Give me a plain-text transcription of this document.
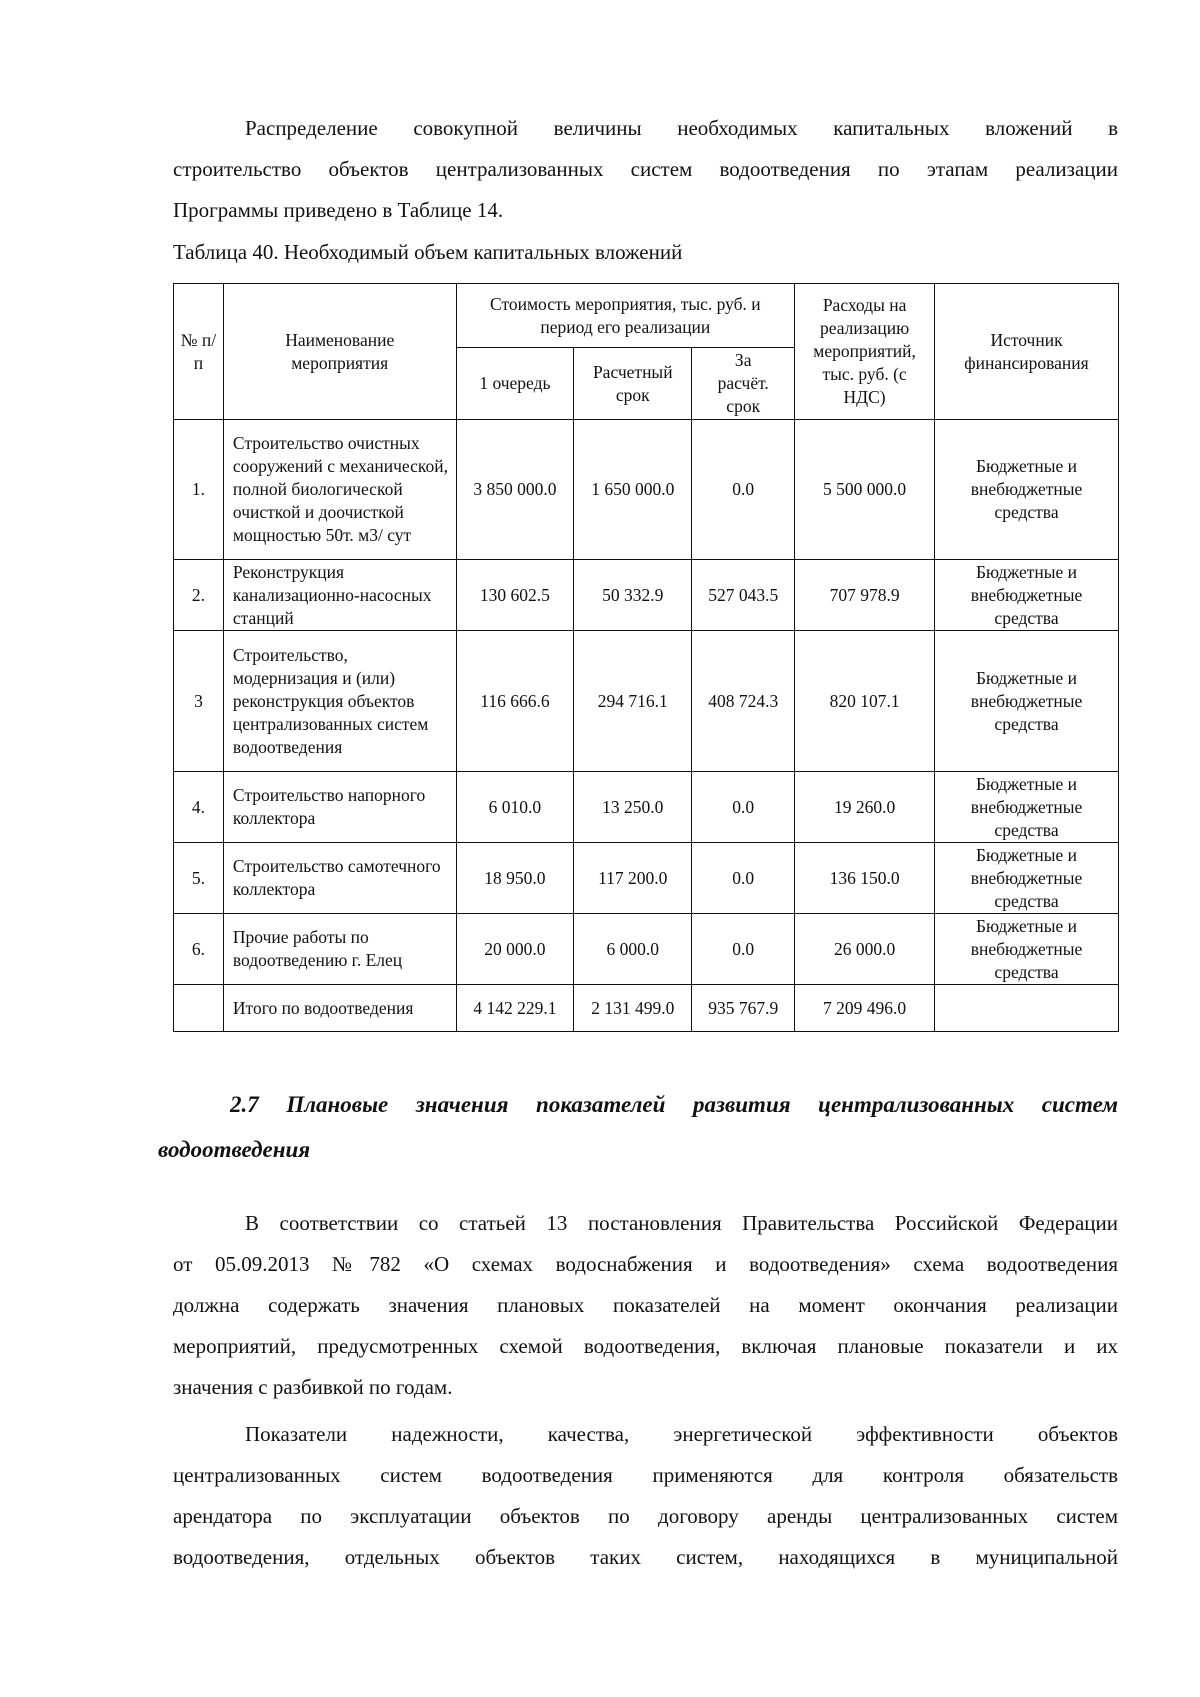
Распределение совокупной величины необходимых капитальных вложений в
строительство объектов централизованных систем водоотведения по этапам реализации
Программы приведено в Таблице 14.

Таблица 40. Необходимый объем капитальных вложений

№ п/п	Наименование мероприятия	Стоимость мероприятия, тыс. руб. и период его реализации			Расходы на реализацию мероприятий, тыс. руб. (с НДС)	Источник финансирования
		1 очередь	Расчетный срок	За расчёт. срок		
1.	Строительство очистных сооружений с механической, полной биологической очисткой и доочисткой мощностью 50т. м3/ сут	3 850 000.0	1 650 000.0	0.0	5 500 000.0	Бюджетные и внебюджетные средства
2.	Реконструкция канализационно-насосных станций	130 602.5	50 332.9	527 043.5	707 978.9	Бюджетные и внебюджетные средства
3	Строительство, модернизация и (или) реконструкция объектов централизованных систем водоотведения	116 666.6	294 716.1	408 724.3	820 107.1	Бюджетные и внебюджетные средства
4.	Строительство напорного коллектора	6 010.0	13 250.0	0.0	19 260.0	Бюджетные и внебюджетные средства
5.	Строительство самотечного коллектора	18 950.0	117 200.0	0.0	136 150.0	Бюджетные и внебюджетные средства
6.	Прочие работы по водоотведению г. Елец	20 000.0	6 000.0	0.0	26 000.0	Бюджетные и внебюджетные средства
	Итого по водоотведения	4 142 229.1	2 131 499.0	935 767.9	7 209 496.0	
2.7 Плановые значения показателей развития централизованных систем
водоотведения
В соответствии со статьей 13 постановления Правительства Российской Федерации
от 05.09.2013 №782 «О схемах водоснабжения и водоотведения» схема водоотведения
должна содержать значения плановых показателей на момент окончания реализации
мероприятий, предусмотренных схемой водоотведения, включая плановые показатели и их
значения с разбивкой по годам.
Показатели надежности, качества, энергетической эффективности объектов
централизованных систем водоотведения применяются для контроля обязательств
арендатора по эксплуатации объектов по договору аренды централизованных систем
водоотведения, отдельных объектов таких систем, находящихся в муниципальной
